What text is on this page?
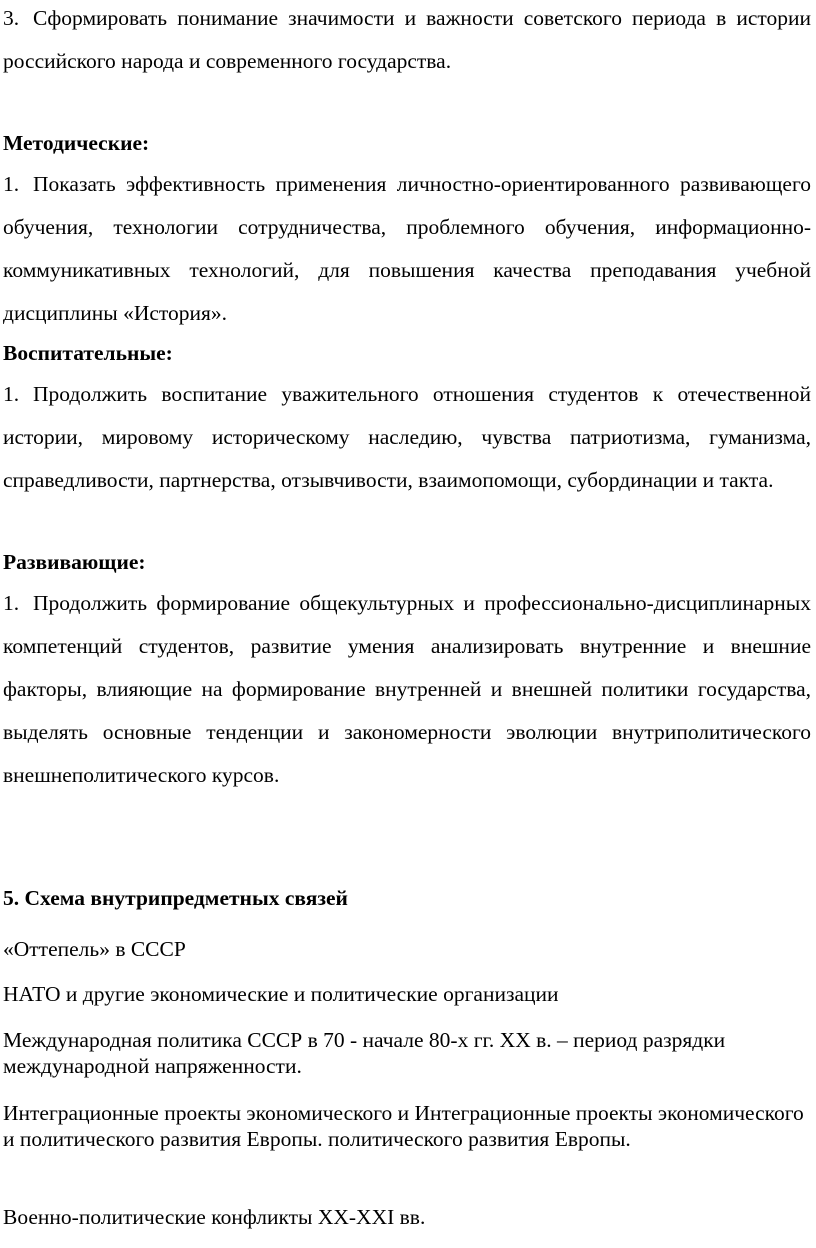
3. Сформировать понимание значимости и важности советского периода в истории российского народа и современного государства.

Методические:

1. Показать эффективность применения личностно-ориентированного развивающего обучения, технологии сотрудничества, проблемного обучения, информационно-коммуникативных технологий, для повышения качества преподавания учебной дисциплины «История».

Воспитательные:

1. Продолжить воспитание уважительного отношения студентов к отечественной истории, мировому историческому наследию, чувства патриотизма, гуманизма, справедливости, партнерства, отзывчивости, взаимопомощи, субординации и такта.

Развивающие:

1. Продолжить формирование общекультурных и профессионально-дисциплинарных компетенций студентов, развитие умения анализировать внутренние и внешние факторы, влияющие на формирование внутренней и внешней политики государства, выделять основные тенденции и закономерности эволюции внутриполитического внешнеполитического курсов.

5. Схема внутрипредметных связей

«Оттепель» в СССР

НАТО и другие экономические и политические организации

Международная политика СССР в 70 - начале 80-х гг. XX в. – период разрядки международной напряженности.

Интеграционные проекты экономического и Интеграционные проекты экономического и политического развития Европы. политического развития Европы.

Военно-политические конфликты XX-XXI вв.
